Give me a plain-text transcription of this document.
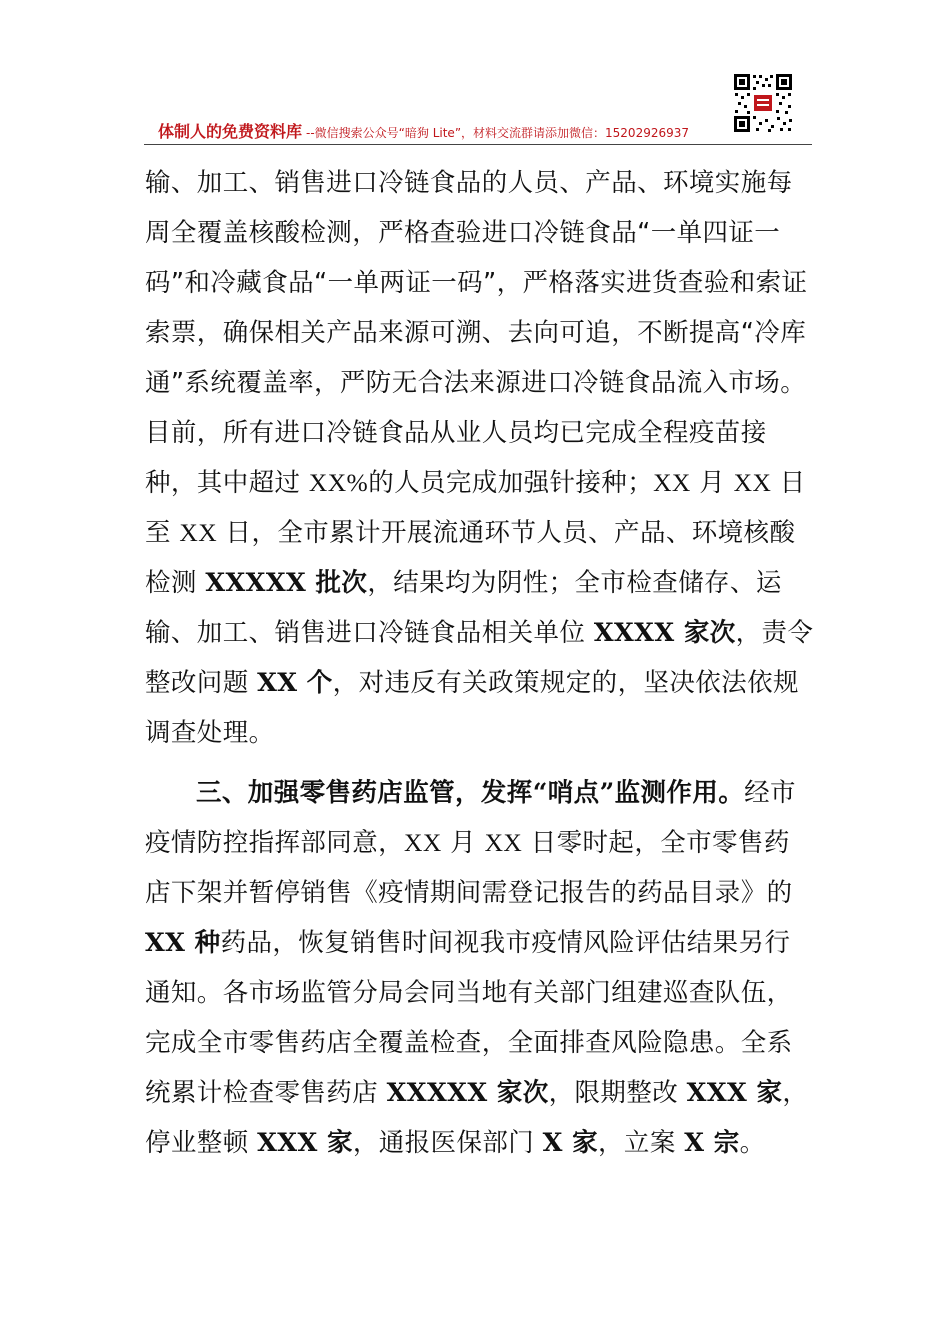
体制人的免费资料库 --微信搜索公众号“暗狗 Lite”，材料交流群请添加微信：15202926937

输、加工、销售进口冷链食品的人员、产品、环境实施每周全覆盖核酸检测，严格查验进口冷链食品“一单四证一码”和冷藏食品“一单两证一码”，严格落实进货查验和索证索票，确保相关产品来源可溯、去向可追，不断提高“冷库通”系统覆盖率，严防无合法来源进口冷链食品流入市场。目前，所有进口冷链食品从业人员均已完成全程疫苗接种，其中超过 XX%的人员完成加强针接种；XX 月 XX 日至 XX 日，全市累计开展流通环节人员、产品、环境核酸检测 XXXXX 批次，结果均为阴性；全市检查储存、运输、加工、销售进口冷链食品相关单位 XXXX 家次，责令整改问题 XX 个，对违反有关政策规定的，坚决依法依规调查处理。

三、加强零售药店监管，发挥“哨点”监测作用。经市疫情防控指挥部同意，XX 月 XX 日零时起，全市零售药店下架并暂停销售《疫情期间需登记报告的药品目录》的 XX 种药品，恢复销售时间视我市疫情风险评估结果另行通知。各市场监管分局会同当地有关部门组建巡查队伍，完成全市零售药店全覆盖检查，全面排查风险隐患。全系统累计检查零售药店 XXXXX 家次，限期整改 XXX 家，停业整顿 XXX 家，通报医保部门 X 家，立案 X 宗。
